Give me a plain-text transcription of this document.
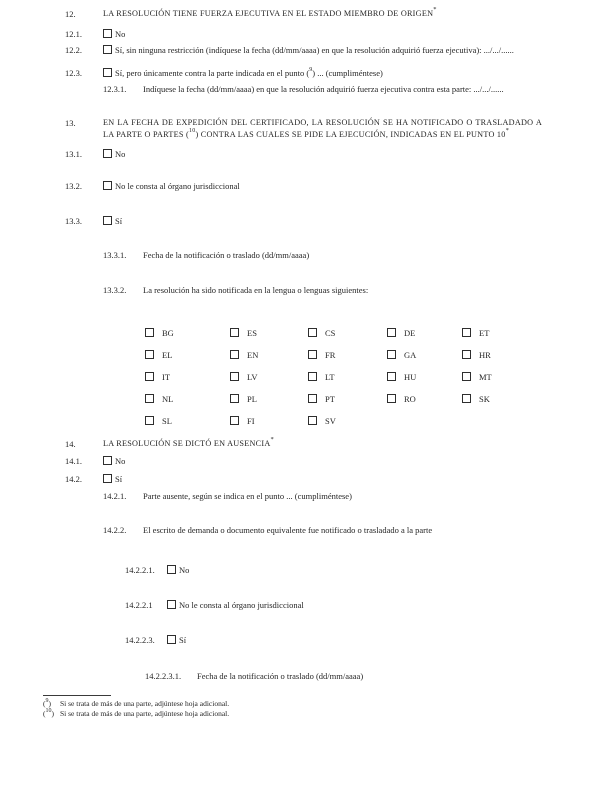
12.	LA RESOLUCIÓN TIENE FUERZA EJECUTIVA EN EL ESTADO MIEMBRO DE ORIGEN*
12.1.	No
12.2.	Sí, sin ninguna restricción (indíquese la fecha (dd/mm/aaaa) en que la resolución adquirió fuerza ejecutiva): .../.../......
12.3.	Sí, pero únicamente contra la parte indicada en el punto ($^9$) ... (cumpliméntese)
12.3.1.	Indíquese la fecha (dd/mm/aaaa) en que la resolución adquirió fuerza ejecutiva contra esta parte: .../.../......
13.	EN LA FECHA DE EXPEDICIÓN DEL CERTIFICADO, LA RESOLUCIÓN SE HA NOTIFICADO O TRASLADADO A LA PARTE O PARTES ($^{10}$) CONTRA LAS CUALES SE PIDE LA EJECUCIÓN, INDICADAS EN EL PUNTO 10*
13.1.	No
13.2.	No le consta al órgano jurisdiccional
13.3.	Sí
13.3.1.	Fecha de la notificación o traslado (dd/mm/aaaa)
13.3.2.	La resolución ha sido notificada en la lengua o lenguas siguientes:
BG	ES	CS	DE	ET
EL	EN	FR	GA	HR
IT	LV	LT	HU	MT
NL	PL	PT	RO	SK
SL	FI	SV
14.	LA RESOLUCIÓN SE DICTÓ EN AUSENCIA*
14.1.	No
14.2.	Sí
14.2.1.	Parte ausente, según se indica en el punto ... (cumpliméntese)
14.2.2.	El escrito de demanda o documento equivalente fue notificado o trasladado a la parte
14.2.2.1.	No
14.2.2.1	No le consta al órgano jurisdiccional
14.2.2.3.	Sí
14.2.2.3.1.	Fecha de la notificación o traslado (dd/mm/aaaa)
($^9$)	Si se trata de más de una parte, adjúntese hoja adicional.
($^{10}$) Si se trata de más de una parte, adjúntese hoja adicional.
